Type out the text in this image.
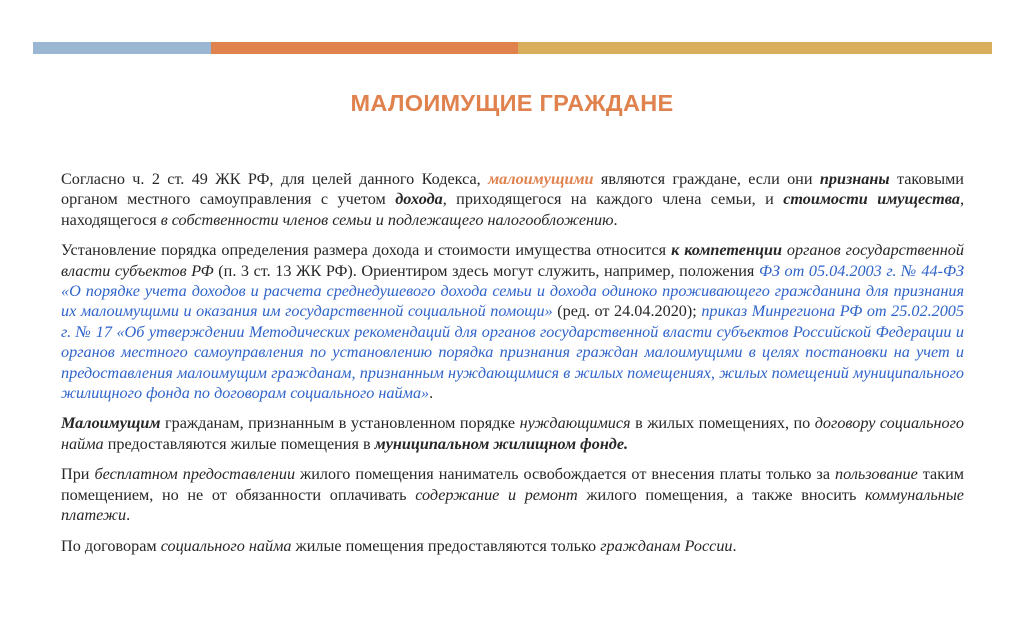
МАЛОИМУЩИЕ ГРАЖДАНЕ

Согласно ч. 2 ст. 49 ЖК РФ, для целей данного Кодекса, малоимущими являются граждане, если они признаны таковыми органом местного самоуправления с учетом дохода, приходящегося на каждого члена семьи, и стоимости имущества, находящегося в собственности членов семьи и подлежащего налогообложению.

Установление порядка определения размера дохода и стоимости имущества относится к компетенции органов государственной власти субъектов РФ (п. 3 ст. 13 ЖК РФ). Ориентиром здесь могут служить, например, положения ФЗ от 05.04.2003 г. № 44-ФЗ «О порядке учета доходов и расчета среднедушевого дохода семьи и дохода одиноко проживающего гражданина для признания их малоимущими и оказания им государственной социальной помощи» (ред. от 24.04.2020); приказ Минрегиона РФ от 25.02.2005 г. № 17 «Об утверждении Методических рекомендаций для органов государственной власти субъектов Российской Федерации и органов местного самоуправления по установлению порядка признания граждан малоимущими в целях постановки на учет и предоставления малоимущим гражданам, признанным нуждающимися в жилых помещениях, жилых помещений муниципального жилищного фонда по договорам социального найма».

Малоимущим гражданам, признанным в установленном порядке нуждающимися в жилых помещениях, по договору социального найма предоставляются жилые помещения в муниципальном жилищном фонде.

При бесплатном предоставлении жилого помещения наниматель освобождается от внесения платы только за пользование таким помещением, но не от обязанности оплачивать содержание и ремонт жилого помещения, а также вносить коммунальные платежи.

По договорам социального найма жилые помещения предоставляются только гражданам России.
